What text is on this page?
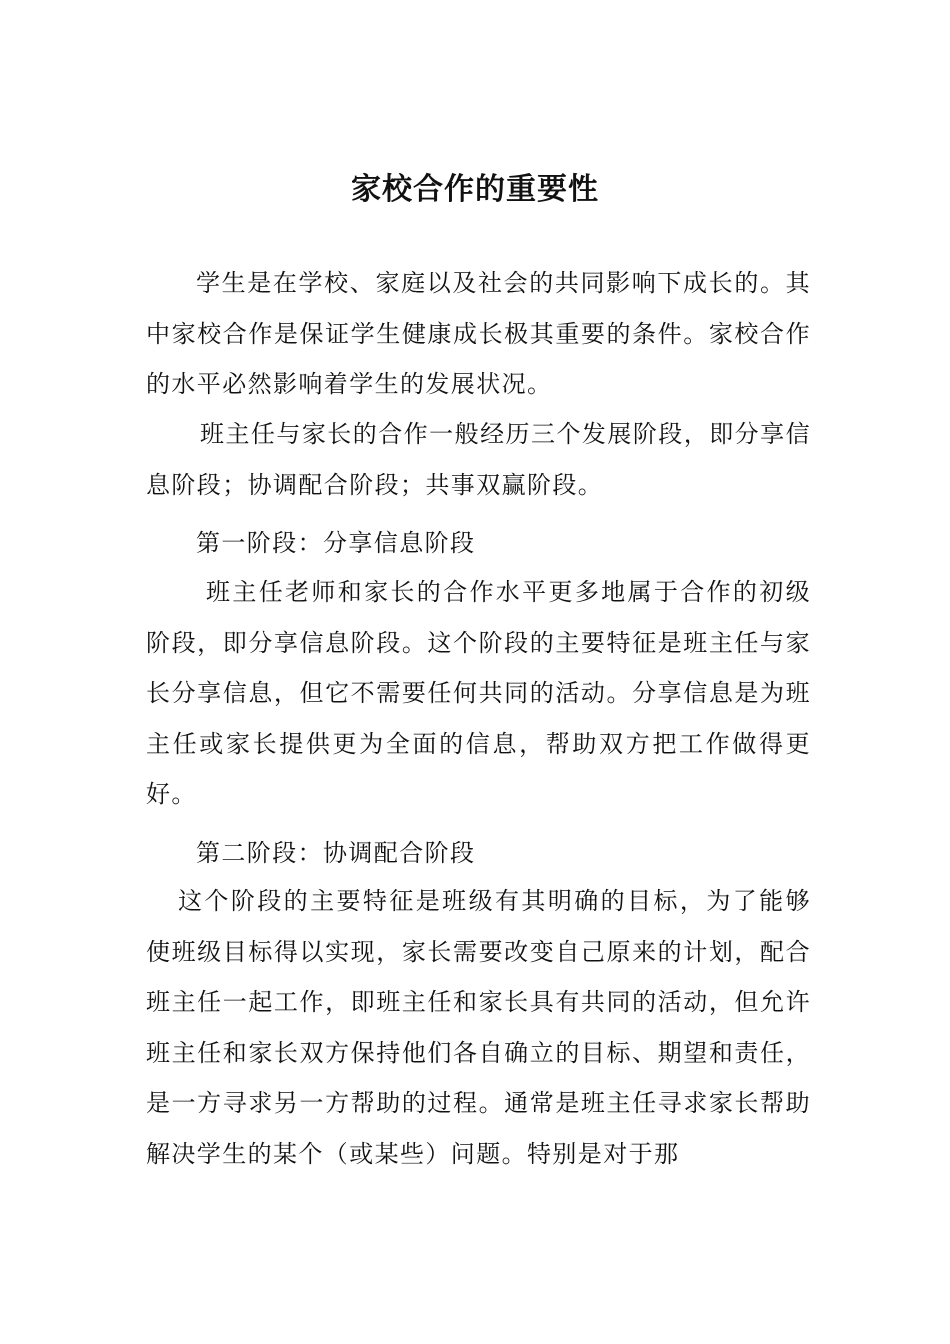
家校合作的重要性

学生是在学校、家庭以及社会的共同影响下成长的。其中家校合作是保证学生健康成长极其重要的条件。家校合作的水平必然影响着学生的发展状况。

班主任与家长的合作一般经历三个发展阶段，即分享信息阶段；协调配合阶段；共事双赢阶段。

第一阶段：分享信息阶段

班主任老师和家长的合作水平更多地属于合作的初级阶段，即分享信息阶段。这个阶段的主要特征是班主任与家长分享信息，但它不需要任何共同的活动。分享信息是为班主任或家长提供更为全面的信息，帮助双方把工作做得更好。

第二阶段：协调配合阶段

这个阶段的主要特征是班级有其明确的目标，为了能够使班级目标得以实现，家长需要改变自己原来的计划，配合班主任一起工作，即班主任和家长具有共同的活动，但允许班主任和家长双方保持他们各自确立的目标、期望和责任，是一方寻求另一方帮助的过程。通常是班主任寻求家长帮助解决学生的某个（或某些）问题。特别是对于那
